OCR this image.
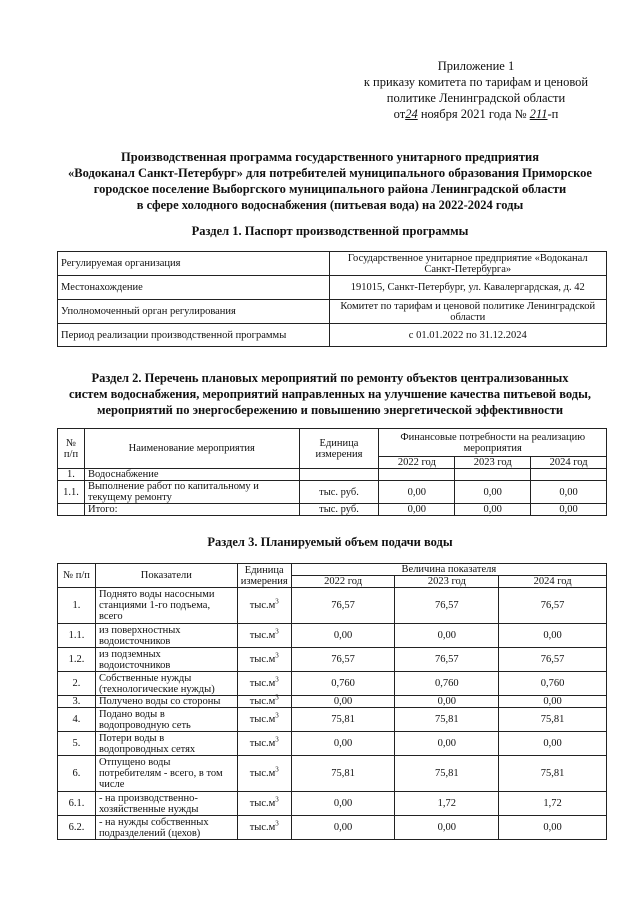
Приложение 1
к приказу комитета по тарифам и ценовой
политике Ленинградской области
от24 ноября 2021 года № 211-п
Производственная программа государственного унитарного предприятия
«Водоканал Санкт-Петербург» для потребителей муниципального образования Приморское
городское поселение Выборгского муниципального района Ленинградской области
в сфере холодного водоснабжения (питьевая вода) на 2022-2024 годы
Раздел 1. Паспорт производственной программы
Регулируемая организация	Государственное унитарное предприятие «Водоканал Санкт-Петербурга»
Местонахождение	191015, Санкт-Петербург, ул. Кавалергардская, д. 42
Уполномоченный орган регулирования	Комитет по тарифам и ценовой политике Ленинградской области
Период реализации производственной программы	с 01.01.2022 по 31.12.2024
Раздел 2. Перечень плановых мероприятий по ремонту объектов централизованных
систем водоснабжения, мероприятий направленных на улучшение качества питьевой воды,
мероприятий по энергосбережению и повышению энергетической эффективности
№ п/п	Наименование мероприятия	Единица измерения	Финансовые потребности на реализацию мероприятия		
			2022 год	2023 год	2024 год
1.	Водоснабжение				
1.1.	Выполнение работ по капитальному и текущему ремонту	тыс. руб.	0,00	0,00	0,00
	Итого:	тыс. руб.	0,00	0,00	0,00
Раздел 3. Планируемый объем подачи воды
№ п/п	Показатели	Единица измерения	Величина показателя		
			2022 год	2023 год	2024 год
1.	Поднято воды насосными станциями 1-го подъема, всего	$тыс.м^3$	76,57	76,57	76,57
1.1.	из поверхностных водоисточников	$тыс.м^3$	0,00	0,00	0,00
1.2.	из подземных водоисточников	$тыс.м^3$	76,57	76,57	76,57
2.	Собственные нужды (технологические нужды)	$тыс.м^3$	0,760	0,760	0,760
3.	Получено воды со стороны	$тыс.м^3$	0,00	0,00	0,00
4.	Подано воды в водопроводную сеть	$тыс.м^3$	75,81	75,81	75,81
5.	Потери воды в водопроводных сетях	$тыс.м^3$	0,00	0,00	0,00
6.	Отпущено воды потребителям - всего, в том числе	$тыс.м^3$	75,81	75,81	75,81
6.1.	- на производственно-хозяйственные нужды	$тыс.м^3$	0,00	1,72	1,72
6.2.	- на нужды собственных подразделений (цехов)	$тыс.м^3$	0,00	0,00	0,00
